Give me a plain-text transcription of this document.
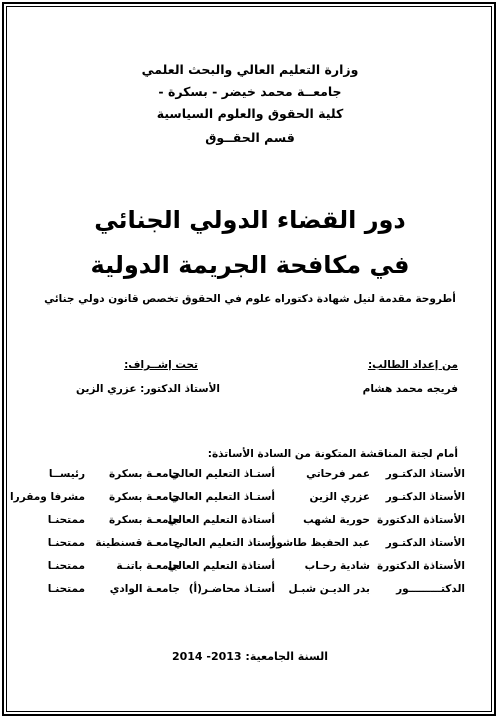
وزارة التعليم العالي والبحث العلمي
جامعــة محمد خيضر - بسكرة -
كلية الحقوق والعلوم السياسية
قسم الحقــوق
دور القضاء الدولي الجنائي
في مكافحة الجريمة الدولية
أطروحة مقدمة لنيل شهادة دكتوراه علوم في الحقوق تخصص قانون دولي جنائي
من إعداد الطالب:
فريجه محمد هشام
تحت إشــراف:
الأستاذ الدكتور: عزري الزين
أمام لجنة المناقشة المتكونة من السادة الأساتذة:
الأستاذ الدكتـور
عمر فرحاتي
أستـاذ التعليم العالي
جامعـة بسكرة
رئيســا
الأستاذ الدكتـور
عزري الزين
أستـاذ التعليم العالي
جامعـة بسكرة
مشرفا ومقررا
الأستاذة الدكتورة
حورية لشهب
أستاذة التعليم العالي
جامعـة بسكرة
ممتحنـا
الأستاذ الدكتـور
عبد الحفيظ طاشور
أستاذ التعليم العالي
جامعـة قسنطينة
ممتحنـا
الأستاذة الدكتورة
شادية رحـاب
أستاذة التعليم العالي
جامعـة باتنـة
ممتحنـا
الدكتـــــــــور
بدر الديـن شبـل
أستـاذ محاضـر(أ)
جامعـة الوادي
ممتحنـا
السنة الجامعية: 2013- 2014
